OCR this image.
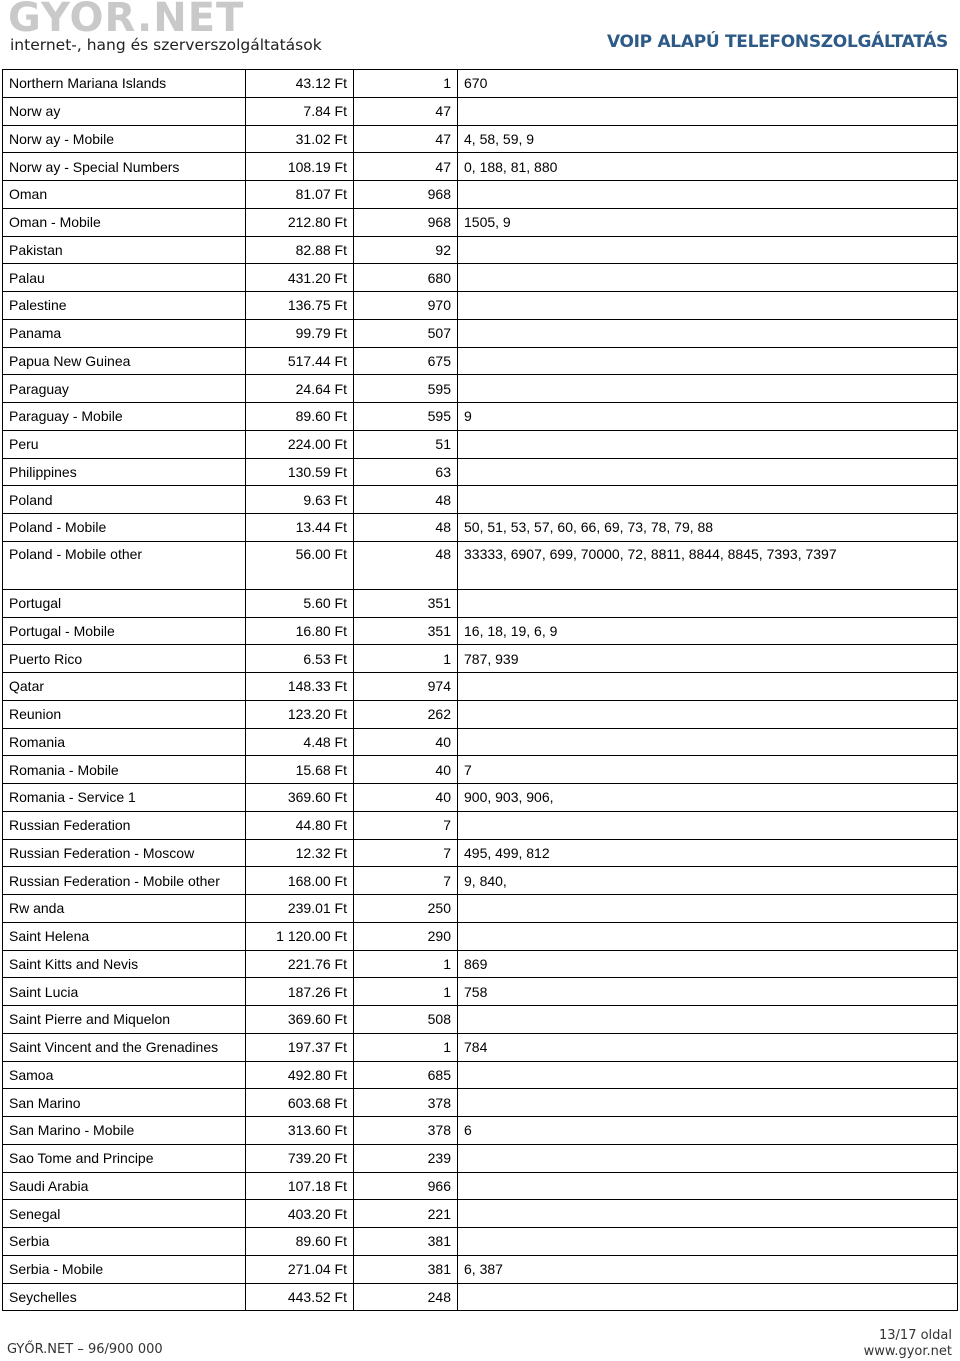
GYOR.NET
internet-, hang és szerverszolgáltatások	VOIP ALAPÚ TELEFONSZOLGÁLTATÁS
Northern Mariana Islands	43.12 Ft	1	670
Norw ay	7.84 Ft	47	
Norw ay - Mobile	31.02 Ft	47	4, 58, 59, 9
Norw ay - Special Numbers	108.19 Ft	47	0, 188, 81, 880
Oman	81.07 Ft	968	
Oman - Mobile	212.80 Ft	968	1505, 9
Pakistan	82.88 Ft	92	
Palau	431.20 Ft	680	
Palestine	136.75 Ft	970	
Panama	99.79 Ft	507	
Papua New Guinea	517.44 Ft	675	
Paraguay	24.64 Ft	595	
Paraguay - Mobile	89.60 Ft	595	9
Peru	224.00 Ft	51	
Philippines	130.59 Ft	63	
Poland	9.63 Ft	48	
Poland - Mobile	13.44 Ft	48	50, 51, 53, 57, 60, 66, 69, 73, 78, 79, 88
Poland - Mobile other	56.00 Ft	48	33333, 6907, 699, 70000, 72, 8811, 8844, 8845, 7393, 7397
Portugal	5.60 Ft	351	
Portugal - Mobile	16.80 Ft	351	16, 18, 19, 6, 9
Puerto Rico	6.53 Ft	1	787, 939
Qatar	148.33 Ft	974	
Reunion	123.20 Ft	262	
Romania	4.48 Ft	40	
Romania - Mobile	15.68 Ft	40	7
Romania - Service 1	369.60 Ft	40	900, 903, 906,
Russian Federation	44.80 Ft	7	
Russian Federation - Moscow	12.32 Ft	7	495, 499, 812
Russian Federation - Mobile other	168.00 Ft	7	9, 840,
Rw anda	239.01 Ft	250	
Saint Helena	1 120.00 Ft	290	
Saint Kitts and Nevis	221.76 Ft	1	869
Saint Lucia	187.26 Ft	1	758
Saint Pierre and Miquelon	369.60 Ft	508	
Saint Vincent and the Grenadines	197.37 Ft	1	784
Samoa	492.80 Ft	685	
San Marino	603.68 Ft	378	
San Marino - Mobile	313.60 Ft	378	6
Sao Tome and Principe	739.20 Ft	239	
Saudi Arabia	107.18 Ft	966	
Senegal	403.20 Ft	221	
Serbia	89.60 Ft	381	
Serbia - Mobile	271.04 Ft	381	6, 387
Seychelles	443.52 Ft	248	
GYŐR.NET – 96/900 000
13/17 oldal
www.gyor.net
